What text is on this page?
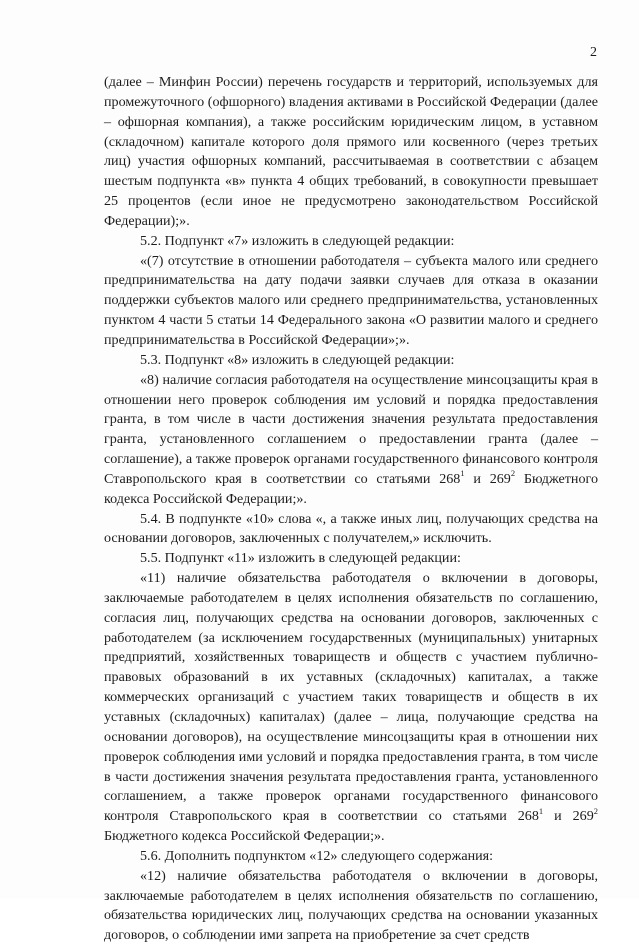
2

(далее – Минфин России) перечень государств и территорий, используемых для промежуточного (офшорного) владения активами в Российской Федерации (далее – офшорная компания), а также российским юридическим лицом, в уставном (складочном) капитале которого доля прямого или косвенного (через третьих лиц) участия офшорных компаний, рассчитываемая в соответствии с абзацем шестым подпункта «в» пункта 4 общих требований, в совокупности превышает 25 процентов (если иное не предусмотрено законодательством Российской Федерации);».

5.2. Подпункт «7» изложить в следующей редакции:

«(7) отсутствие в отношении работодателя – субъекта малого или среднего предпринимательства на дату подачи заявки случаев для отказа в оказании поддержки субъектов малого или среднего предпринимательства, установленных пунктом 4 части 5 статьи 14 Федерального закона «О развитии малого и среднего предпринимательства в Российской Федерации»;».

5.3. Подпункт «8» изложить в следующей редакции:

«8) наличие согласия работодателя на осуществление минсоцзащиты края в отношении него проверок соблюдения им условий и порядка предоставления гранта, в том числе в части достижения значения результата предоставления гранта, установленного соглашением о предоставлении гранта (далее – соглашение), а также проверок органами государственного финансового контроля Ставропольского края в соответствии со статьями $268^1$ и $269^2$ Бюджетного кодекса Российской Федерации;».

5.4. В подпункте «10» слова «, а также иных лиц, получающих средства на основании договоров, заключенных с получателем,» исключить.

5.5. Подпункт «11» изложить в следующей редакции:

«11) наличие обязательства работодателя о включении в договоры, заключаемые работодателем в целях исполнения обязательств по соглашению, согласия лиц, получающих средства на основании договоров, заключенных с работодателем (за исключением государственных (муниципальных) унитарных предприятий, хозяйственных товариществ и обществ с участием публично-правовых образований в их уставных (складочных) капиталах, а также коммерческих организаций с участием таких товариществ и обществ в их уставных (складочных) капиталах) (далее – лица, получающие средства на основании договоров), на осуществление минсоцзащиты края в отношении них проверок соблюдения ими условий и порядка предоставления гранта, в том числе в части достижения значения результата предоставления гранта, установленного соглашением, а также проверок органами государственного финансового контроля Ставропольского края в соответствии со статьями $268^1$ и $269^2$ Бюджетного кодекса Российской Федерации;».

5.6. Дополнить подпунктом «12» следующего содержания:

«12) наличие обязательства работодателя о включении в договоры, заключаемые работодателем в целях исполнения обязательств по соглашению, обязательства юридических лиц, получающих средства на основании указанных договоров, о соблюдении ими запрета на приобретение за счет средств
